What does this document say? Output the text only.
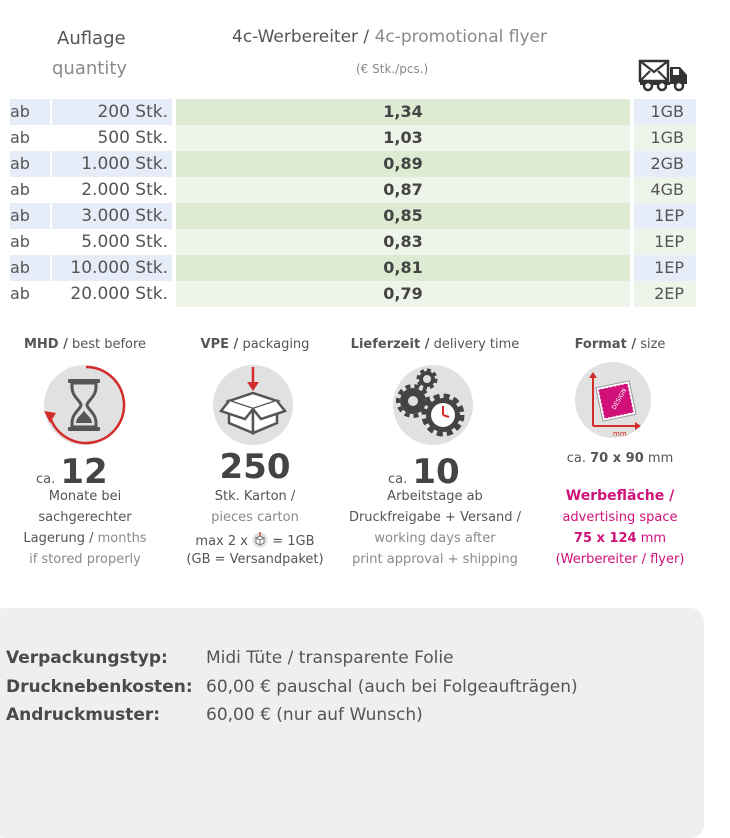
Auflage
quantity
4c-Werbereiter / 4c-promotional flyer
(€ Stk./pcs.)
ab	200 Stk.	1,34	1GB
ab	500 Stk.	1,03	1GB
ab	1.000 Stk.	0,89	2GB
ab	2.000 Stk.	0,87	4GB
ab	3.000 Stk.	0,85	1EP
ab	5.000 Stk.	0,83	1EP
ab	10.000 Stk.	0,81	1EP
ab	20.000 Stk.	0,79	2EP
MHD / best before
ca. 12
Monate bei
sachgerechter
Lagerung / months
if stored properly
VPE / packaging
250
Stk. Karton /
pieces carton
max 2 x = 1GB
(GB = Versandpaket)
Lieferzeit / delivery time
ca. 10
Arbeitstage ab
Druckfreigabe + Versand /
working days after
print approval + shipping
Format / size
mm
DESIGN
ca. 70 x 90 mm
Werbefläche /
advertising space
75 x 124 mm
(Werbereiter / flyer)
Verpackungstyp: Midi Tüte / transparente Folie
Drucknebenkosten: 60,00 € pauschal (auch bei Folgeaufträgen)
Andruckmuster:	60,00 € (nur auf Wunsch)
